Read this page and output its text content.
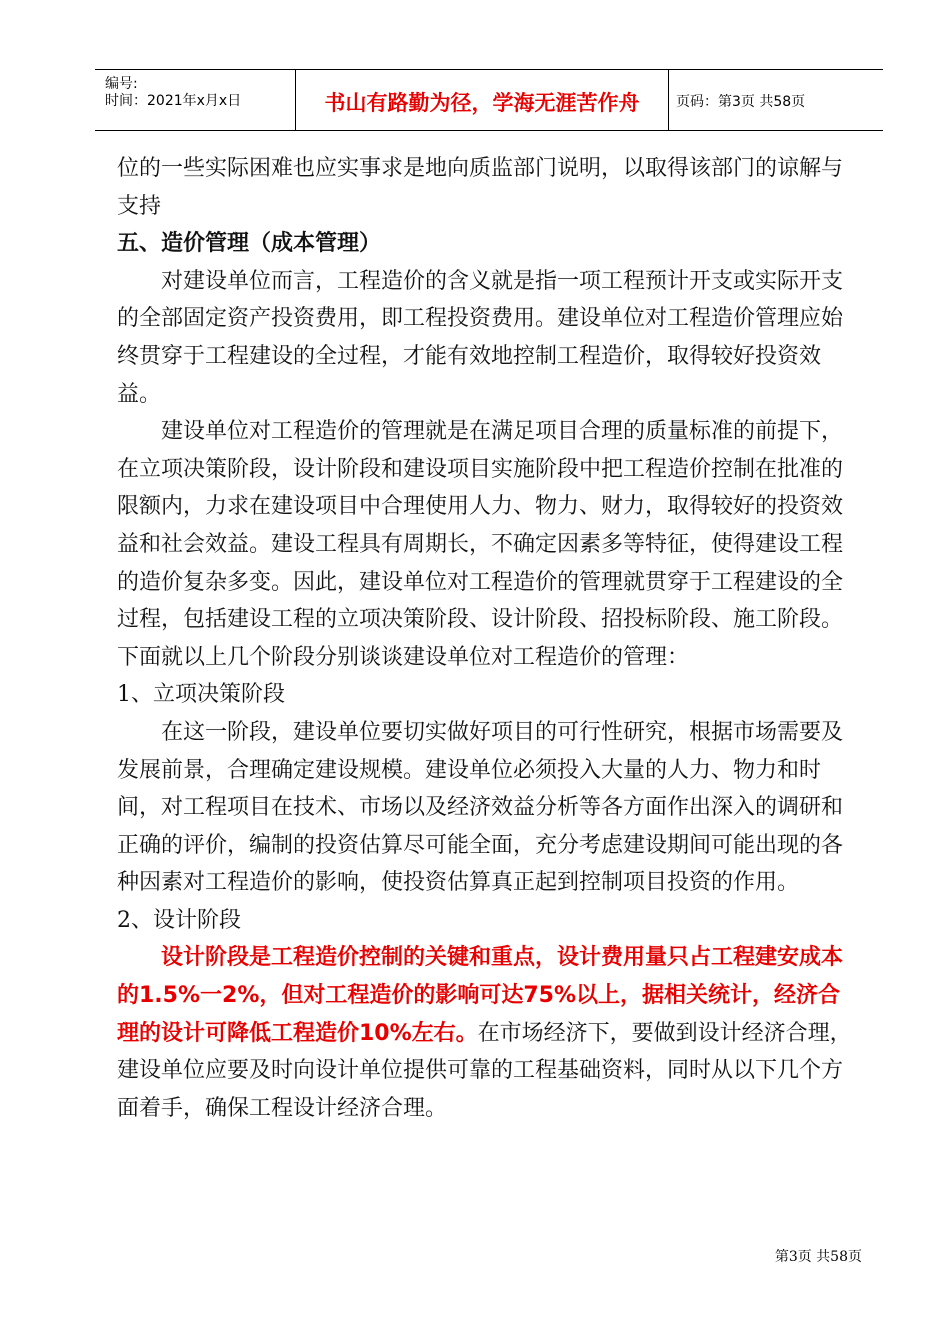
编号:
时间：2021年x月x日	书山有路勤为径，学海无涯苦作舟	页码：第3页 共58页

位的一些实际困难也应实事求是地向质监部门说明，以取得该部门的谅解与支持

五、造价管理（成本管理）

对建设单位而言，工程造价的含义就是指一项工程预计开支或实际开支的全部固定资产投资费用，即工程投资费用。建设单位对工程造价管理应始终贯穿于工程建设的全过程，才能有效地控制工程造价，取得较好投资效益。

建设单位对工程造价的管理就是在满足项目合理的质量标准的前提下，在立项决策阶段，设计阶段和建设项目实施阶段中把工程造价控制在批准的限额内，力求在建设项目中合理使用人力、物力、财力，取得较好的投资效益和社会效益。建设工程具有周期长，不确定因素多等特征，使得建设工程的造价复杂多变。因此，建设单位对工程造价的管理就贯穿于工程建设的全过程，包括建设工程的立项决策阶段、设计阶段、招投标阶段、施工阶段。下面就以上几个阶段分别谈谈建设单位对工程造价的管理：

1、立项决策阶段

在这一阶段，建设单位要切实做好项目的可行性研究，根据市场需要及发展前景，合理确定建设规模。建设单位必须投入大量的人力、物力和时间，对工程项目在技术、市场以及经济效益分析等各方面作出深入的调研和正确的评价，编制的投资估算尽可能全面，充分考虑建设期间可能出现的各种因素对工程造价的影响，使投资估算真正起到控制项目投资的作用。

2、设计阶段

设计阶段是工程造价控制的关键和重点，设计费用量只占工程建安成本的1.5%一2%，但对工程造价的影响可达75%以上，据相关统计，经济合理的设计可降低工程造价10%左右。在市场经济下，要做到设计经济合理，建设单位应要及时向设计单位提供可靠的工程基础资料，同时从以下几个方面着手，确保工程设计经济合理。

第3页 共58页
